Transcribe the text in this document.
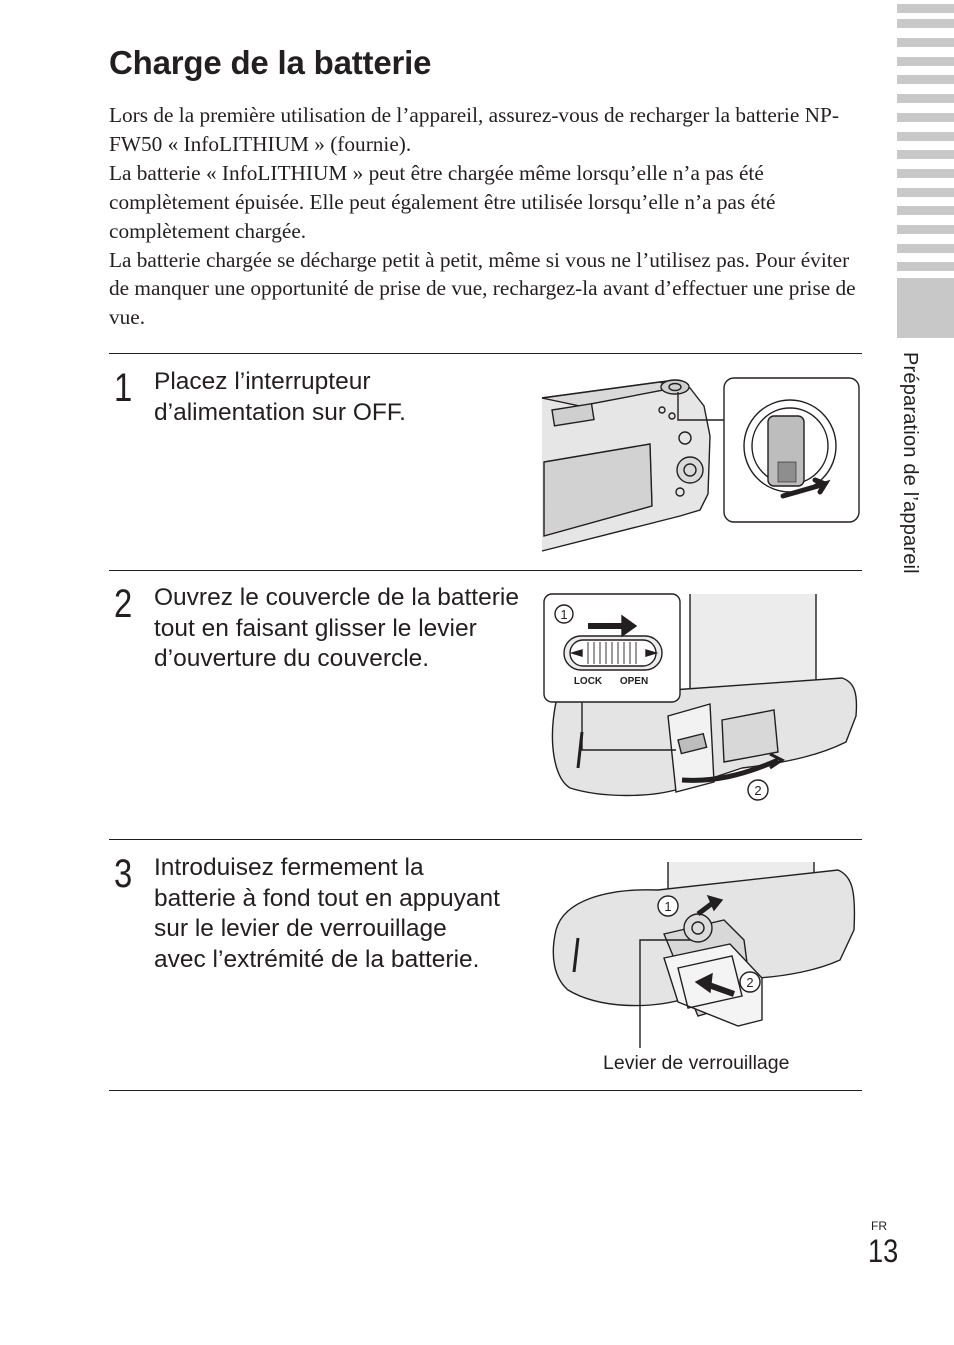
Préparation de l’appareil
Charge de la batterie

Lors de la première utilisation de l’appareil, assurez-vous de recharger la batterie NP-FW50 « InfoLITHIUM » (fournie).

La batterie « InfoLITHIUM » peut être chargée même lorsqu’elle n’a pas été complètement épuisée. Elle peut également être utilisée lorsqu’elle n’a pas été complètement chargée.

La batterie chargée se décharge petit à petit, même si vous ne l’utilisez pas. Pour éviter de manquer une opportunité de prise de vue, rechargez-la avant d’effectuer une prise de vue.

1 Placez l’interrupteur d’alimentation sur OFF.
2 Ouvrez le couvercle de la batterie tout en faisant glisser le levier d’ouverture du couvercle.
1
2
LOCK OPEN
3 Introduisez fermement la batterie à fond tout en appuyant sur le levier de verrouillage avec l’extrémité de la batterie.
1
2
Levier de verrouillage
FR
13
